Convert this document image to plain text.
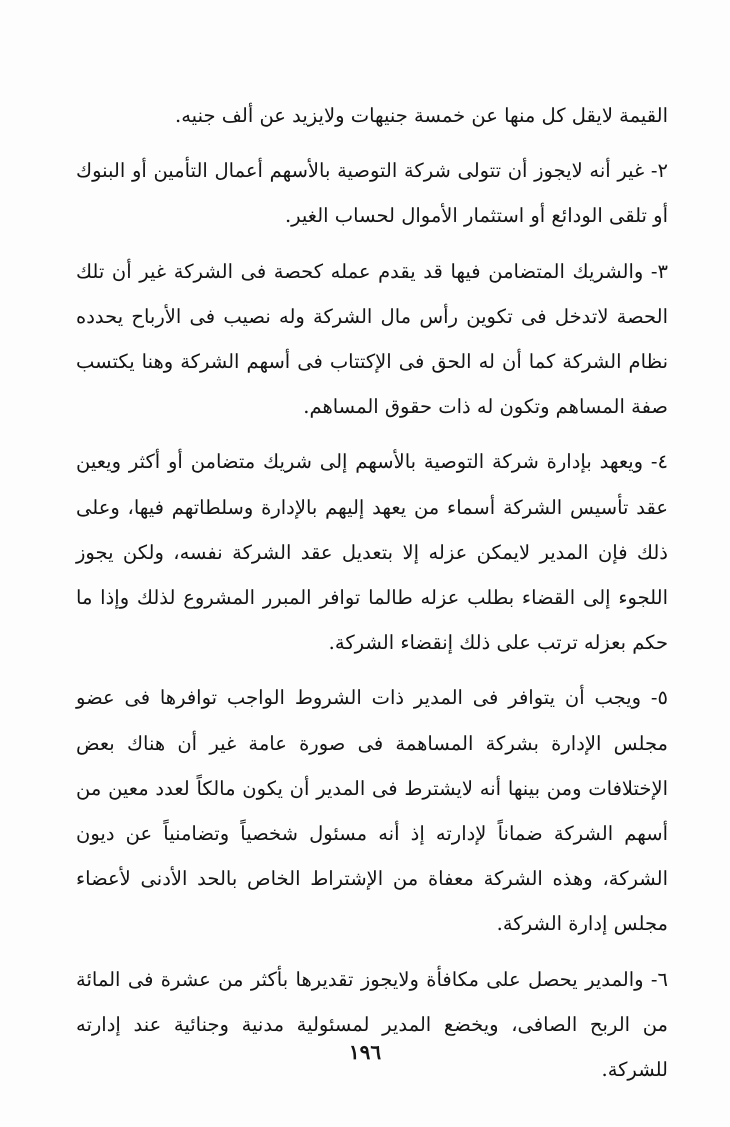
القيمة لايقل كل منها عن خمسة جنيهات ولايزيد عن ألف جنيه.

٢- غير أنه لايجوز أن تتولى شركة التوصية بالأسهم أعمال التأمين أو البنوك أو تلقى الودائع أو استثمار الأموال لحساب الغير.

٣- والشريك المتضامن فيها قد يقدم عمله كحصة فى الشركة غير أن تلك الحصة لاتدخل فى تكوين رأس مال الشركة وله نصيب فى الأرباح يحدده نظام الشركة كما أن له الحق فى الإكتتاب فى أسهم الشركة وهنا يكتسب صفة المساهم وتكون له ذات حقوق المساهم.

٤- ويعهد بإدارة شركة التوصية بالأسهم إلى شريك متضامن أو أكثر ويعين عقد تأسيس الشركة أسماء من يعهد إليهم بالإدارة وسلطاتهم فيها، وعلى ذلك فإن المدير لايمكن عزله إلا بتعديل عقد الشركة نفسه، ولكن يجوز اللجوء إلى القضاء بطلب عزله طالما توافر المبرر المشروع لذلك وإذا ما حكم بعزله ترتب على ذلك إنقضاء الشركة.

٥- ويجب أن يتوافر فى المدير ذات الشروط الواجب توافرها فى عضو مجلس الإدارة بشركة المساهمة فى صورة عامة غير أن هناك بعض الإختلافات ومن بينها أنه لايشترط فى المدير أن يكون مالكاً لعدد معين من أسهم الشركة ضماناً لإدارته إذ أنه مسئول شخصياً وتضامنياً عن ديون الشركة، وهذه الشركة معفاة من الإشتراط الخاص بالحد الأدنى لأعضاء مجلس إدارة الشركة.

٦- والمدير يحصل على مكافأة ولايجوز تقديرها بأكثر من عشرة فى المائة من الربح الصافى، ويخضع المدير لمسئولية مدنية وجنائية عند إدارته للشركة.

١٩٦
